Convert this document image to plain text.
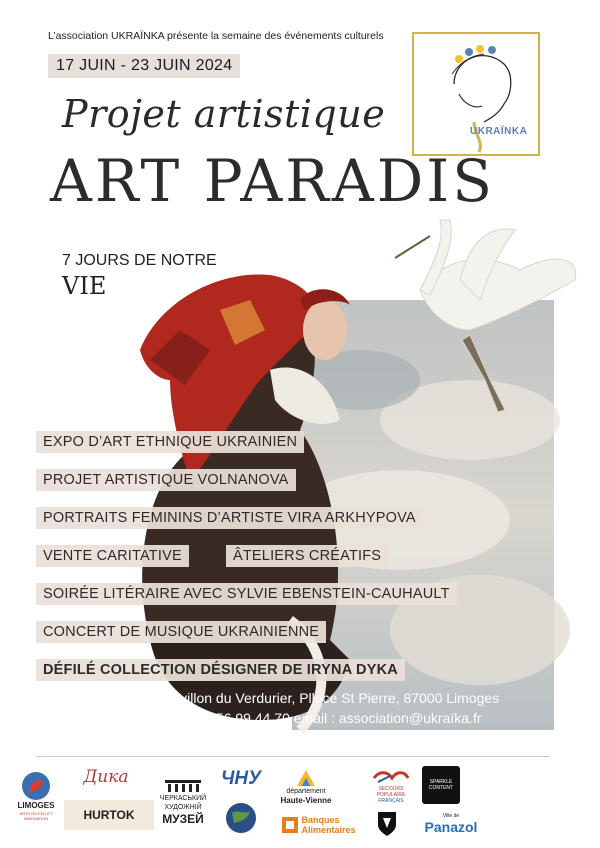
L’association UKRAÏNKA présente la semaine des événements culturels
17 JUIN - 23 JUIN 2024
UKRAÏNKA
Projet artistique
ART PARADIS
7 JOURS DE NOTRE
VIE
EXPO D’ART ETHNIQUE UKRAINIEN
PROJET ARTISTIQUE VOLNANOVA
PORTRAITS FEMININS D’ARTISTE VIRA ARKHYPOVA
VENTE CARITATIVE	ÂTELIERS CRÉATIFS
SOIRÉE LITÉRAIRE AVEC SYLVIE EBENSTEIN-CAUHAULT
CONCERT DE MUSIQUE UKRAINIENNE
DÉFILÉ COLLECTION DÉSIGNER DE IRYNA DYKA
Pavillon du Verdurier, Pllace St Pierre, 87000 Limoges
Tel. : 07.56.99.44.70 email : association@ukraïka.fr
LIMOGES
ARTS DU FEU ET INNOVATION
Дика
HURTOK
ЧЕРКАСЬКИЙ
ХУДОЖНІЙ
МУЗЕЙ
ЧНУ
département
Haute-Vienne
Banques
Alimentaires
SECOURS
POPULAIRE
FRANÇAIS
SPARKLE
CONTENT
Ville de
Panazol
